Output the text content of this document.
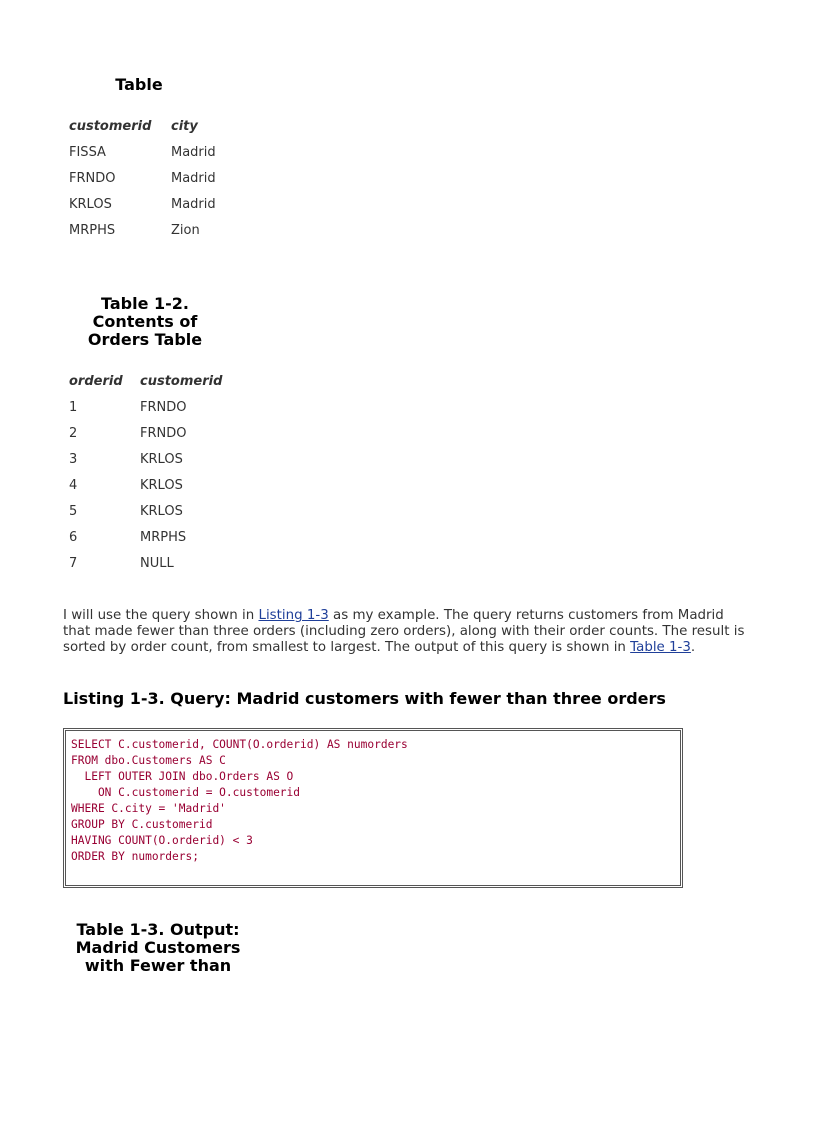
Table
customerid	city
FISSA	Madrid
FRNDO	Madrid
KRLOS	Madrid
MRPHS	Zion
Table 1-2.
Contents of
Orders Table
orderid	customerid
1	FRNDO
2	FRNDO
3	KRLOS
4	KRLOS
5	KRLOS
6	MRPHS
7	NULL
I will use the query shown in Listing 1-3 as my example. The query returns customers from Madrid that made fewer than three orders (including zero orders), along with their order counts. The result is sorted by order count, from smallest to largest. The output of this query is shown in Table 1-3.
Listing 1-3. Query: Madrid customers with fewer than three orders
SELECT C.customerid, COUNT(O.orderid) AS numorders
FROM dbo.Customers AS C
LEFT OUTER JOIN dbo.Orders AS O
ON C.customerid = O.customerid
WHERE C.city = 'Madrid'
GROUP BY C.customerid
HAVING COUNT(O.orderid) < 3
ORDER BY numorders;
Table 1-3. Output:
Madrid Customers
with Fewer than
